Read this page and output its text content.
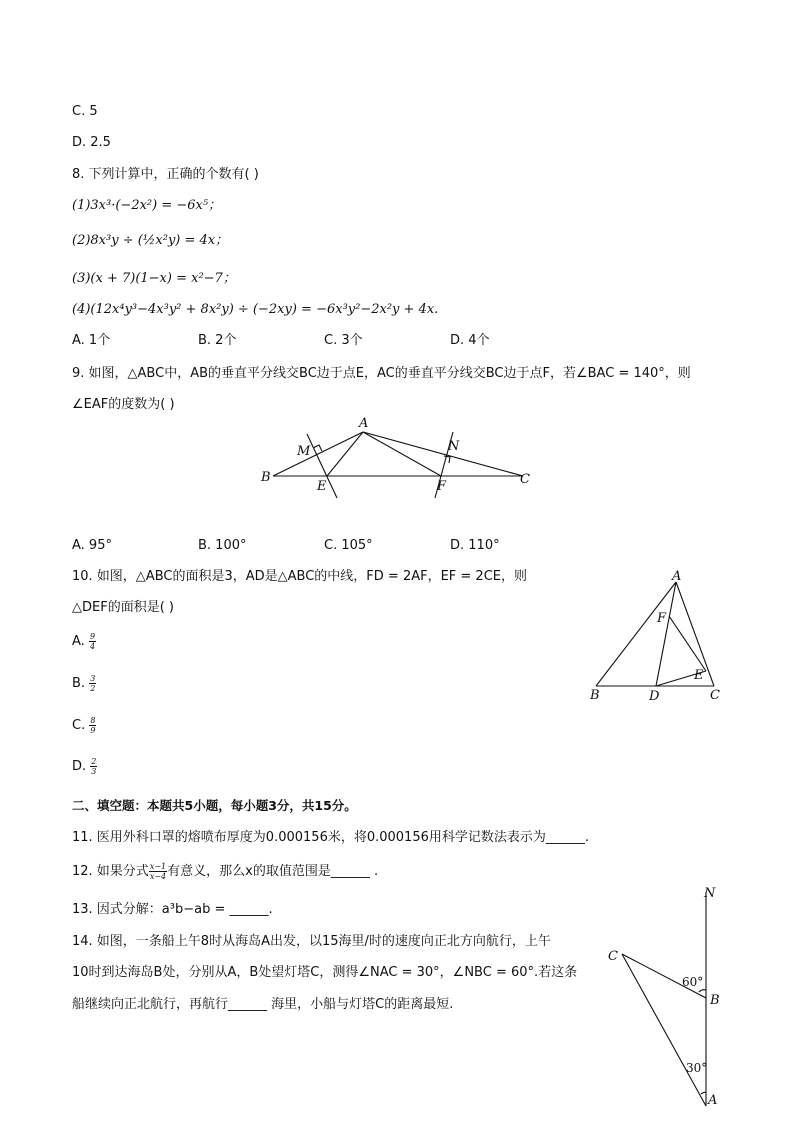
C. 5
D. 2.5
8. 下列计算中，正确的个数有( )
(1)3x³·(−2x²) = −6x⁵；
(2)8x³y ÷ (½x²y) = 4x；
(3)(x + 7)(1−x) = x²−7；
(4)(12x⁴y³−4x³y² + 8x²y) ÷ (−2xy) = −6x³y²−2x²y + 4x.
A. 1个	B. 2个	C. 3个	D. 4个
9. 如图，△ABC中，AB的垂直平分线交BC边于点E，AC的垂直平分线交BC边于点F，若∠BAC = 140°，则
∠EAF的度数为( )
B
A
C
E	F
M	N
A. 95°	B. 100°	C. 105°	D. 110°
10. 如图，△ABC的面积是3，AD是△ABC的中线，FD = 2AF，EF = 2CE，则
△DEF的面积是( )
A. $\frac{9}{4}$
B. $\frac{3}{2}$
C. $\frac{8}{9}$
D. $\frac{2}{3}$
A
B	C
D
E
F
二、填空题：本题共5小题，每小题3分，共15分。
11. 医用外科口罩的熔喷布厚度为0.000156米，将0.000156用科学记数法表示为______.
12. 如果分式 $\frac{x-1}{x-4}$ 有意义，那么x的取值范围是______ .
13. 因式分解：a³b−ab = ______.
14. 如图，一条船上午8时从海岛A出发，以15海里/时的速度向正北方向航行，上午
10时到达海岛B处，分别从A，B处望灯塔C，测得∠NAC = 30°，∠NBC = 60°.若这条
船继续向正北航行，再航行______ 海里，小船与灯塔C的距离最短.
N
C
B
A
60°
30°
